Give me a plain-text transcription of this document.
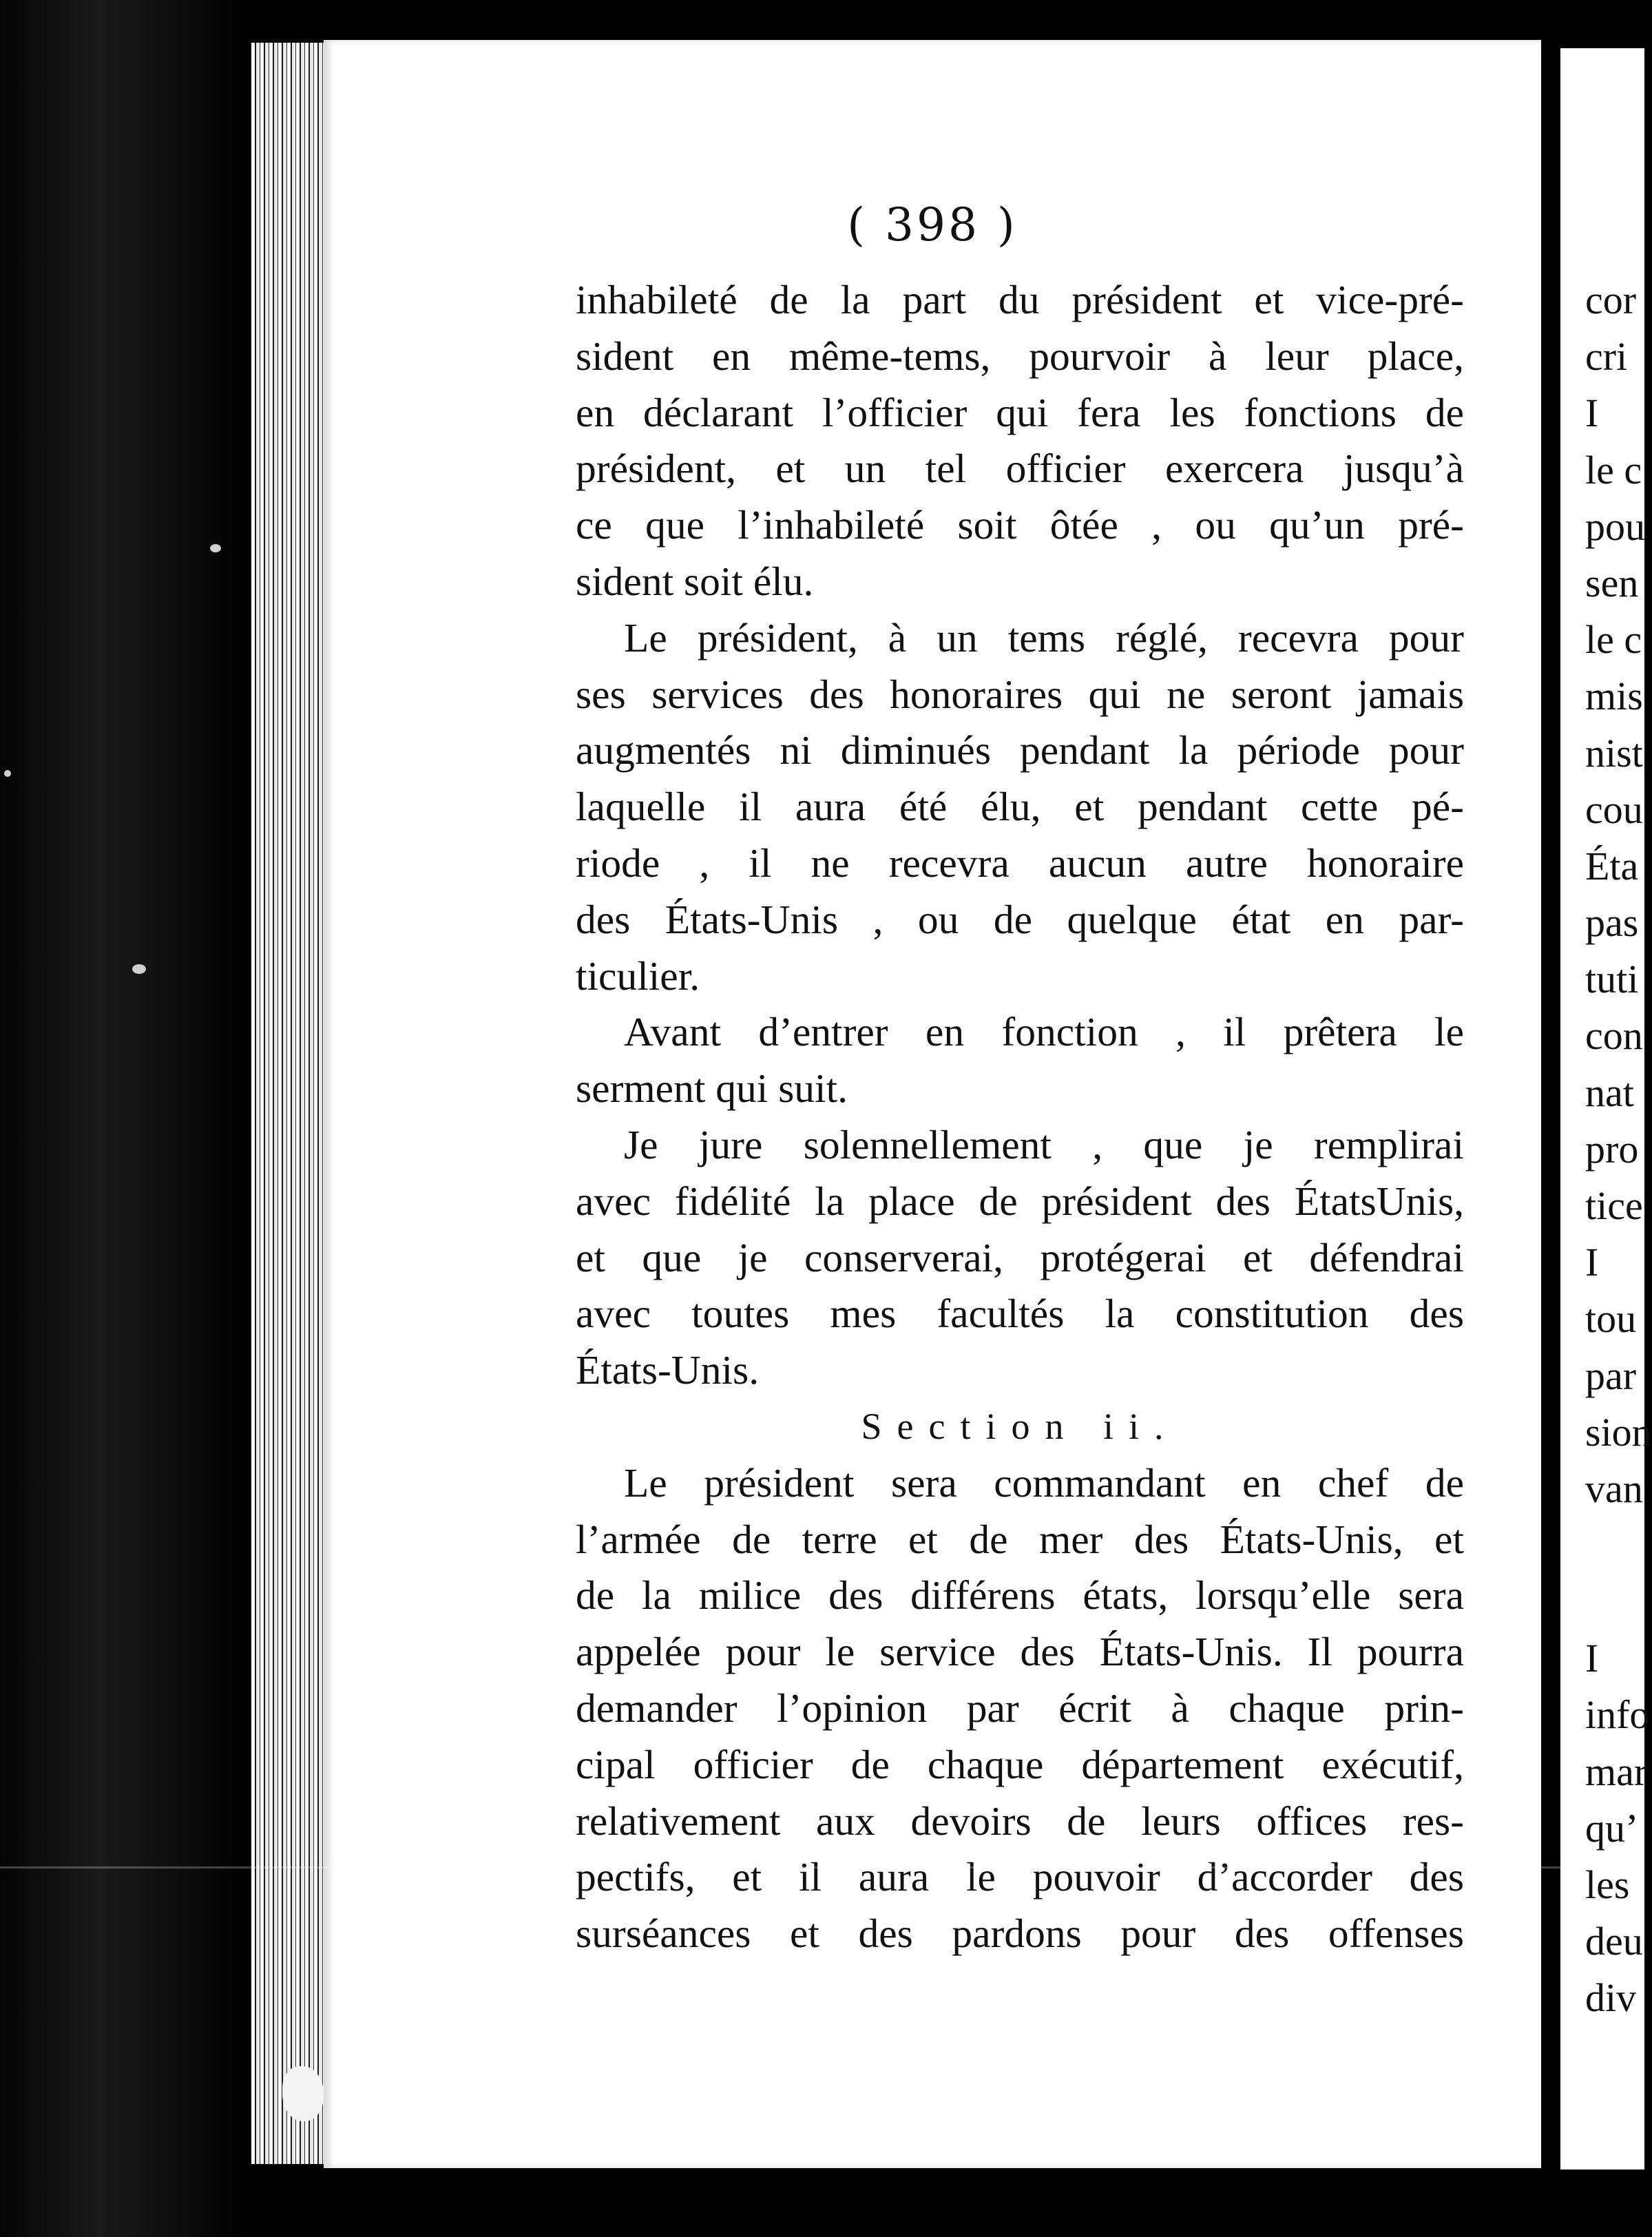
( 398 )
inhabileté de la part du président et vice-pré-
sident en même-tems, pourvoir à leur place,
en déclarant l’officier qui fera les fonctions de
président, et un tel officier exercera jusqu’à
ce que l’inhabileté soit ôtée , ou qu’un pré-
sident soit élu.
Le président, à un tems réglé, recevra pour
ses services des honoraires qui ne seront jamais
augmentés ni diminués pendant la période pour
laquelle il aura été élu, et pendant cette pé-
riode , il ne recevra aucun autre honoraire
des États-Unis , ou de quelque état en par-
ticulier.
Avant d’entrer en fonction , il prêtera le
serment qui suit.
Je jure solennellement , que je remplirai
avec fidélité la place de président des ÉtatsUnis,
et que je conserverai, protégerai et défendrai
avec toutes mes facultés la constitution des
États-Unis.
Section ii.
Le président sera commandant en chef de
l’armée de terre et de mer des États-Unis, et
de la milice des différens états, lorsqu’elle sera
appelée pour le service des États-Unis. Il pourra
demander l’opinion par écrit à chaque prin-
cipal officier de chaque département exécutif,
relativement aux devoirs de leurs offices res-
pectifs, et il aura le pouvoir d’accorder des
surséances et des pardons pour des offenses
cor
cri
I
le c
pou
sen
le c
mis
nist
cou
Éta
pas
tuti
con
nat
pro
tice
I
tou
par
sion
van
I
info
mar
qu’
les
deu
div
